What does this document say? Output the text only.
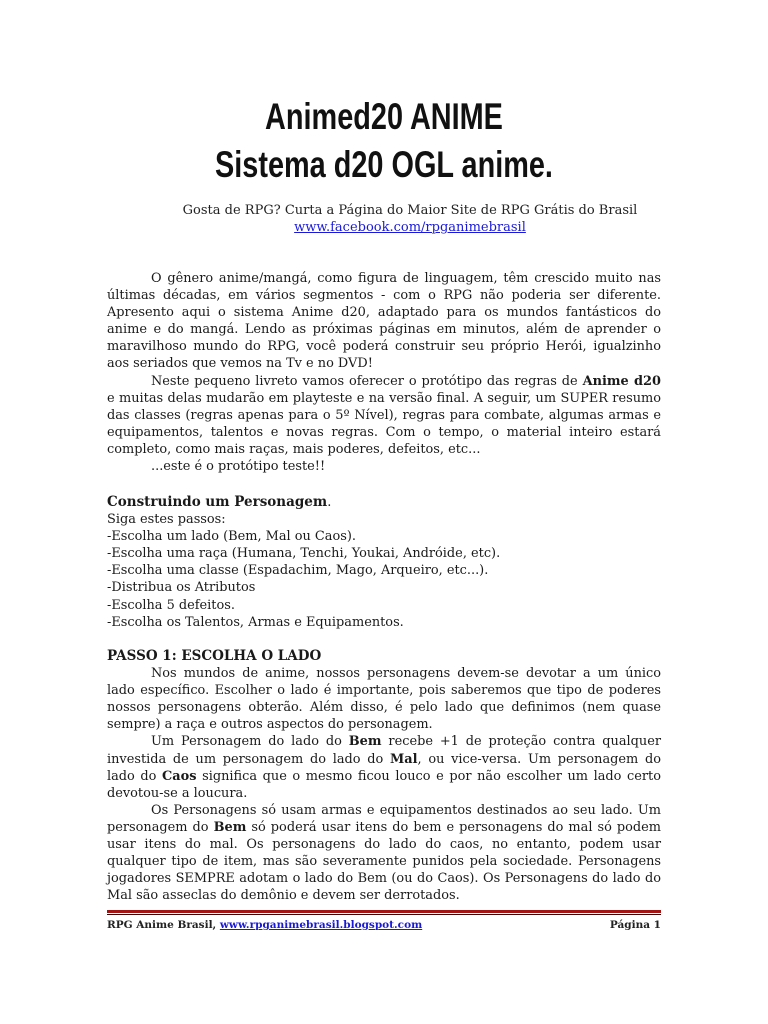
Animed20 ANIME
Sistema d20 OGL anime.
Gosta de RPG? Curta a Página do Maior Site de RPG Grátis do Brasil
www.facebook.com/rpganimebrasil

O gênero anime/mangá, como figura de linguagem, têm crescido muito nas últimas décadas, em vários segmentos - com o RPG não poderia ser diferente. Apresento aqui o sistema Anime d20, adaptado para os mundos fantásticos do anime e do mangá. Lendo as próximas páginas em minutos, além de aprender o maravilhoso mundo do RPG, você poderá construir seu próprio Herói, igualzinho aos seriados que vemos na Tv e no DVD!

Neste pequeno livreto vamos oferecer o protótipo das regras de Anime d20 e muitas delas mudarão em playteste e na versão final. A seguir, um SUPER resumo das classes (regras apenas para o 5º Nível), regras para combate, algumas armas e equipamentos, talentos e novas regras. Com o tempo, o material inteiro estará completo, como mais raças, mais poderes, defeitos, etc...

...este é o protótipo teste!!

Construindo um Personagem.

Siga estes passos:

-Escolha um lado (Bem, Mal ou Caos).
-Escolha uma raça (Humana, Tenchi, Youkai, Andróide, etc).
-Escolha uma classe (Espadachim, Mago, Arqueiro, etc...).
-Distribua os Atributos
-Escolha 5 defeitos.
-Escolha os Talentos, Armas e Equipamentos.

PASSO 1: ESCOLHA O LADO

Nos mundos de anime, nossos personagens devem-se devotar a um único lado específico. Escolher o lado é importante, pois saberemos que tipo de poderes nossos personagens obterão. Além disso, é pelo lado que definimos (nem quase sempre) a raça e outros aspectos do personagem.

Um Personagem do lado do Bem recebe +1 de proteção contra qualquer investida de um personagem do lado do Mal, ou vice-versa. Um personagem do lado do Caos significa que o mesmo ficou louco e por não escolher um lado certo devotou-se a loucura.

Os Personagens só usam armas e equipamentos destinados ao seu lado. Um personagem do Bem só poderá usar itens do bem e personagens do mal só podem usar itens do mal. Os personagens do lado do caos, no entanto, podem usar qualquer tipo de item, mas são severamente punidos pela sociedade. Personagens jogadores SEMPRE adotam o lado do Bem (ou do Caos). Os Personagens do lado do Mal são asseclas do demônio e devem ser derrotados.

RPG Anime Brasil, www.rpganimebrasil.blogspot.com	Página 1
